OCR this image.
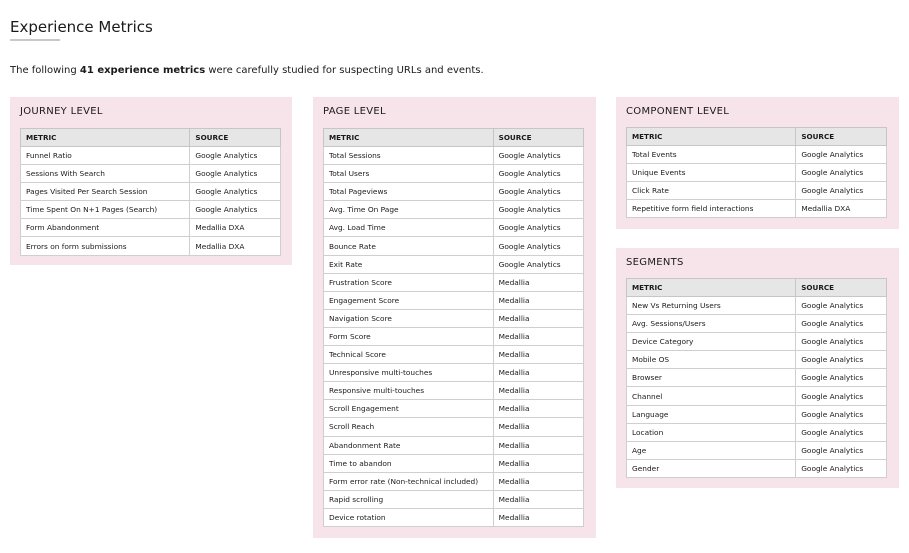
Experience Metrics

The following 41 experience metrics were carefully studied for suspecting URLs and events.

JOURNEY LEVEL
METRIC	SOURCE
Funnel Ratio	Google Analytics
Sessions With Search	Google Analytics
Pages Visited Per Search Session	Google Analytics
Time Spent On N+1 Pages (Search)	Google Analytics
Form Abandonment	Medallia DXA
Errors on form submissions	Medallia DXA
PAGE LEVEL
METRIC	SOURCE
Total Sessions	Google Analytics
Total Users	Google Analytics
Total Pageviews	Google Analytics
Avg. Time On Page	Google Analytics
Avg. Load Time	Google Analytics
Bounce Rate	Google Analytics
Exit Rate	Google Analytics
Frustration Score	Medallia
Engagement Score	Medallia
Navigation Score	Medallia
Form Score	Medallia
Technical Score	Medallia
Unresponsive multi-touches	Medallia
Responsive multi-touches	Medallia
Scroll Engagement	Medallia
Scroll Reach	Medallia
Abandonment Rate	Medallia
Time to abandon	Medallia
Form error rate (Non-technical included)	Medallia
Rapid scrolling	Medallia
Device rotation	Medallia
COMPONENT LEVEL
METRIC	SOURCE
Total Events	Google Analytics
Unique Events	Google Analytics
Click Rate	Google Analytics
Repetitive form field interactions	Medallia DXA
SEGMENTS
METRIC	SOURCE
New Vs Returning Users	Google Analytics
Avg. Sessions/Users	Google Analytics
Device Category	Google Analytics
Mobile OS	Google Analytics
Browser	Google Analytics
Channel	Google Analytics
Language	Google Analytics
Location	Google Analytics
Age	Google Analytics
Gender	Google Analytics
